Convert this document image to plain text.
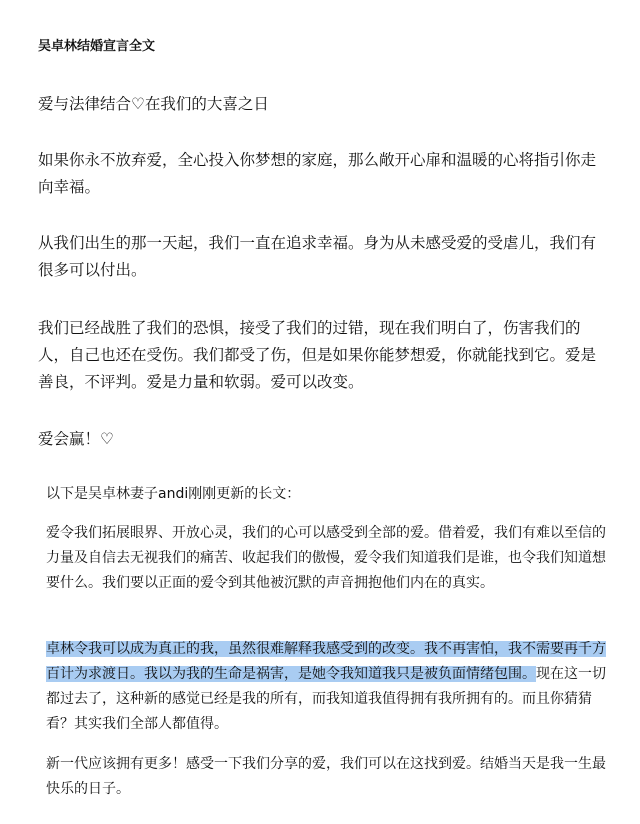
吴卓林结婚宣言全文

爱与法律结合♡在我们的大喜之日

如果你永不放弃爱，全心投入你梦想的家庭，那么敞开心扉和温暖的心将指引你走向幸福。

从我们出生的那一天起，我们一直在追求幸福。身为从未感受爱的受虐儿，我们有很多可以付出。

我们已经战胜了我们的恐惧，接受了我们的过错，现在我们明白了，伤害我们的人，自己也还在受伤。我们都受了伤，但是如果你能梦想爱，你就能找到它。爱是善良，不评判。爱是力量和软弱。爱可以改变。

爱会赢！♡

以下是吴卓林妻子andi刚刚更新的长文：

爱令我们拓展眼界、开放心灵，我们的心可以感受到全部的爱。借着爱，我们有难以至信的力量及自信去无视我们的痛苦、收起我们的傲慢，爱令我们知道我们是谁，也令我们知道想要什么。我们要以正面的爱令到其他被沉默的声音拥抱他们内在的真实。

卓林令我可以成为真正的我，虽然很难解释我感受到的改变。我不再害怕，我不需要再千方百计为求渡日。我以为我的生命是祸害，是她令我知道我只是被负面情绪包围。现在这一切都过去了，这种新的感觉已经是我的所有，而我知道我值得拥有我所拥有的。而且你猜猜看？其实我们全部人都值得。

新一代应该拥有更多！感受一下我们分享的爱，我们可以在这找到爱。结婚当天是我一生最快乐的日子。
